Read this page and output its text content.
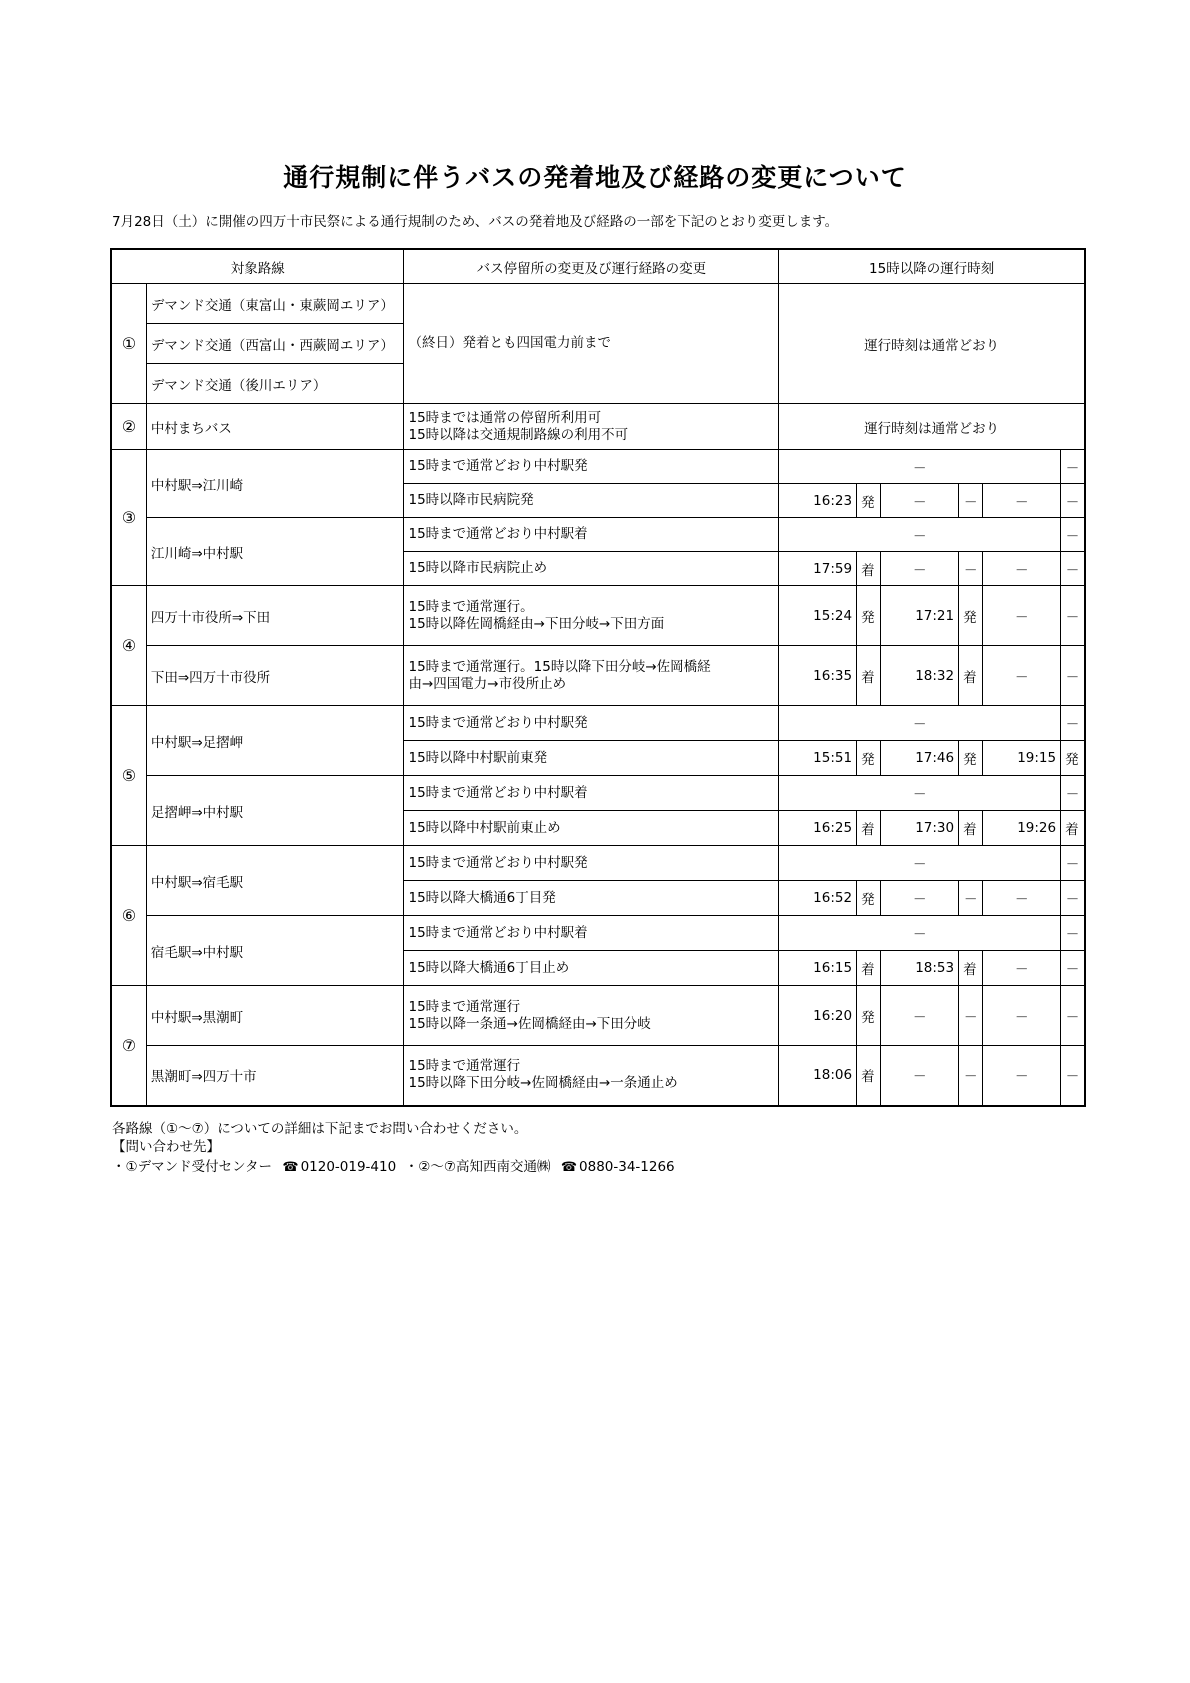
通行規制に伴うバスの発着地及び経路の変更について

7月28日（土）に開催の四万十市民祭による通行規制のため、バスの発着地及び経路の一部を下記のとおり変更します。

対象路線		バス停留所の変更及び運行経路の変更	15時以降の運行時刻					
①	デマンド交通（東富山・東蕨岡エリア）	（終日）発着とも四国電力前まで	運行時刻は通常どおり					
	デマンド交通（西富山・西蕨岡エリア）							
	デマンド交通（後川エリア）							
②	中村まちバス	15時までは通常の停留所利用可
15時以降は交通規制路線の利用不可	運行時刻は通常どおり					
③	中村駅⇒江川崎	15時まで通常どおり中村駅発	－					－
		15時以降市民病院発	16:23	発	－	－	－	－
	江川崎⇒中村駅	15時まで通常どおり中村駅着	－					－
		15時以降市民病院止め	17:59	着	－	－	－	－
④	四万十市役所⇒下田	15時まで通常運行。
15時以降佐岡橋経由→下田分岐→下田方面	15:24	発	17:21	発	－	－
	下田⇒四万十市役所	15時まで通常運行。15時以降下田分岐→佐岡橋経
由→四国電力→市役所止め	16:35	着	18:32	着	－	－
⑤	中村駅⇒足摺岬	15時まで通常どおり中村駅発	－					－
		15時以降中村駅前東発	15:51	発	17:46	発	19:15	発
	足摺岬⇒中村駅	15時まで通常どおり中村駅着	－					－
		15時以降中村駅前東止め	16:25	着	17:30	着	19:26	着
⑥	中村駅⇒宿毛駅	15時まで通常どおり中村駅発	－					－
		15時以降大橋通6丁目発	16:52	発	－	－	－	－
	宿毛駅⇒中村駅	15時まで通常どおり中村駅着	－					－
		15時以降大橋通6丁目止め	16:15	着	18:53	着	－	－
⑦	中村駅⇒黒潮町	15時まで通常運行
15時以降一条通→佐岡橋経由→下田分岐	16:20	発	－	－	－	－
	黒潮町⇒四万十市	15時まで通常運行
15時以降下田分岐→佐岡橋経由→一条通止め	18:06	着	－	－	－	－

各路線（①～⑦）についての詳細は下記までお問い合わせください。

【問い合わせ先】

・①デマンド受付センター ☎ 0120-019-410 ・②～⑦高知西南交通㈱ ☎ 0880-34-1266
